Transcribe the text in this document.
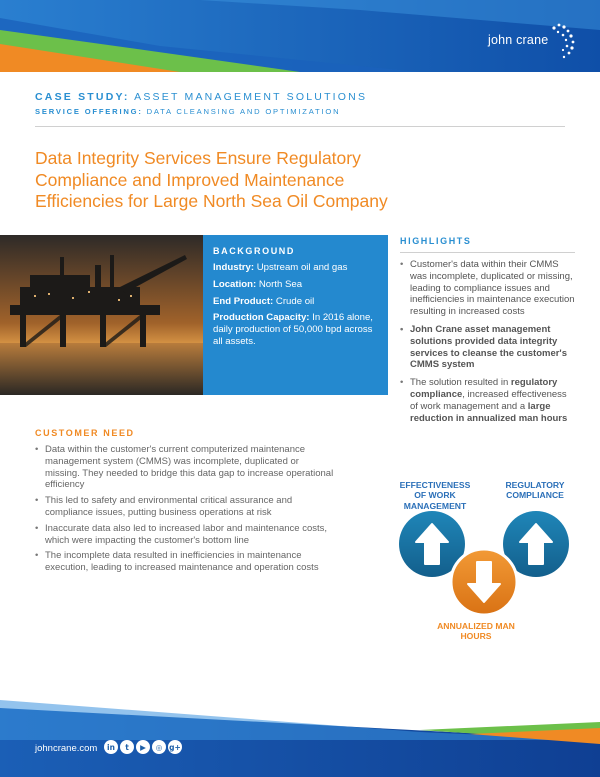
john crane
CASE STUDY: ASSET MANAGEMENT SOLUTIONS
SERVICE OFFERING: DATA CLEANSING AND OPTIMIZATION
Data Integrity Services Ensure Regulatory Compliance and Improved Maintenance Efficiencies for Large North Sea Oil Company
BACKGROUND

Industry: Upstream oil and gas

Location: North Sea

End Product: Crude oil

Production Capacity: In 2016 alone, daily production of 50,000 bpd across all assets.

HIGHLIGHTS
• Customer's data within their CMMS was incomplete, duplicated or missing, leading to compliance issues and inefficiencies in maintenance execution resulting in increased costs
• John Crane asset management solutions provided data integrity services to cleanse the customer's CMMS system
• The solution resulted in regulatory compliance, increased effectiveness of work management and a large reduction in annualized man hours
CUSTOMER NEED
• Data within the customer's current computerized maintenance management system (CMMS) was incomplete, duplicated or missing. They needed to bridge this data gap to increase operational efficiency
• This led to safety and environmental critical assurance and compliance issues, putting business operations at risk
• Inaccurate data also led to increased labor and maintenance costs, which were impacting the customer's bottom line
• The incomplete data resulted in inefficiencies in maintenance execution, leading to increased maintenance and operation costs
EFFECTIVENESS OF WORK MANAGEMENT
REGULATORY COMPLIANCE
ANNUALIZED MAN HOURS
johncrane.com	in	t	▶	◎ g+
